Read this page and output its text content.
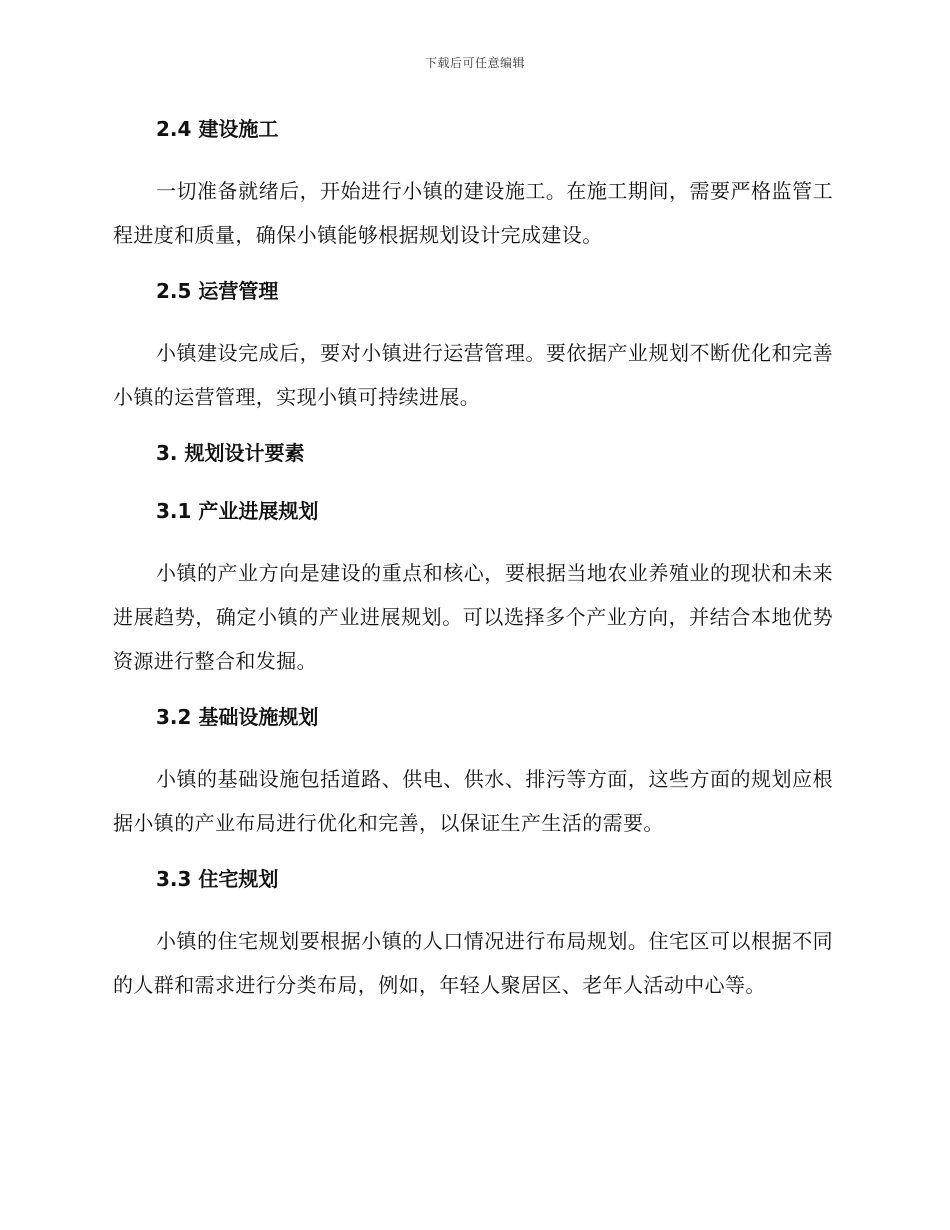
下载后可任意编辑
2.4 建设施工

一切准备就绪后，开始进行小镇的建设施工。在施工期间，需要严格监管工程进度和质量，确保小镇能够根据规划设计完成建设。

2.5 运营管理

小镇建设完成后，要对小镇进行运营管理。要依据产业规划不断优化和完善小镇的运营管理，实现小镇可持续进展。

3. 规划设计要素
3.1 产业进展规划

小镇的产业方向是建设的重点和核心，要根据当地农业养殖业的现状和未来进展趋势，确定小镇的产业进展规划。可以选择多个产业方向，并结合本地优势资源进行整合和发掘。

3.2 基础设施规划

小镇的基础设施包括道路、供电、供水、排污等方面，这些方面的规划应根据小镇的产业布局进行优化和完善，以保证生产生活的需要。

3.3 住宅规划

小镇的住宅规划要根据小镇的人口情况进行布局规划。住宅区可以根据不同的人群和需求进行分类布局，例如，年轻人聚居区、老年人活动中心等。
